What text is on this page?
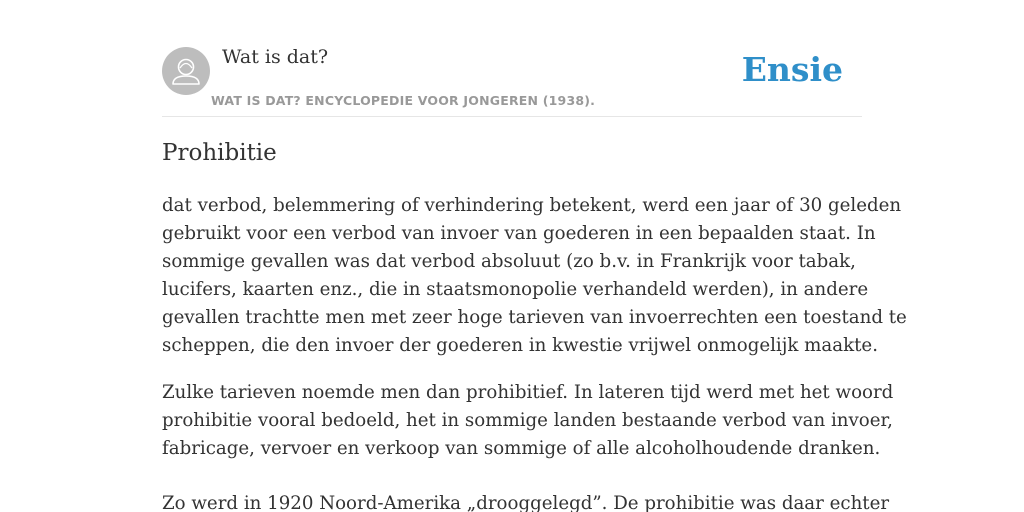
Wat is dat?
WAT IS DAT? ENCYCLOPEDIE VOOR JONGEREN (1938).
Ensie
Prohibitie

dat verbod, belemmering of verhindering betekent, werd een jaar of 30 geleden
gebruikt voor een verbod van invoer van goederen in een bepaalden staat. In
sommige gevallen was dat verbod absoluut (zo b.v. in Frankrijk voor tabak,
lucifers, kaarten enz., die in staatsmonopolie verhandeld werden), in andere
gevallen trachtte men met zeer hoge tarieven van invoerrechten een toestand te
scheppen, die den invoer der goederen in kwestie vrijwel onmogelijk maakte.

Zulke tarieven noemde men dan prohibitief. In lateren tijd werd met het woord
prohibitie vooral bedoeld, het in sommige landen bestaande verbod van invoer,
fabricage, vervoer en verkoop van sommige of alle alcoholhoudende dranken.

Zo werd in 1920 Noord-Amerika „drooggelegd”. De prohibitie was daar echter
